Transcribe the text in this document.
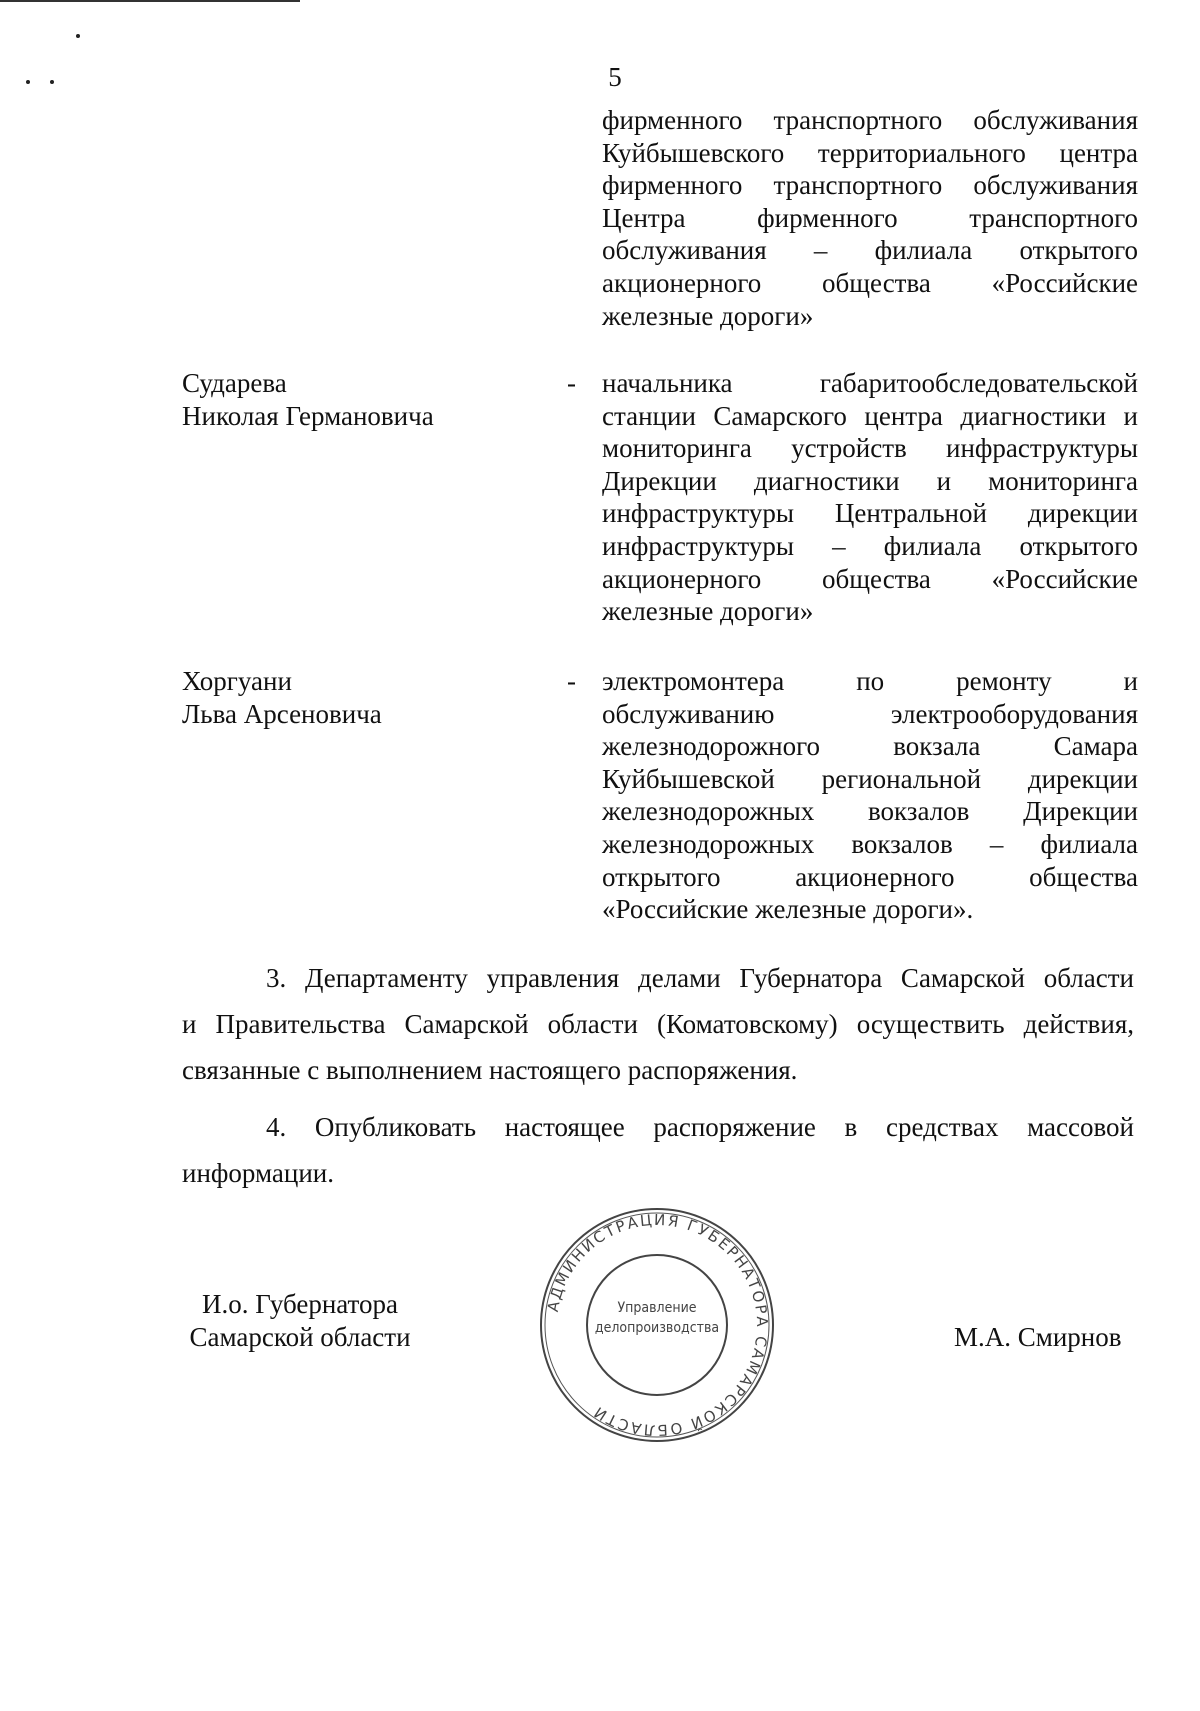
5
фирменного транспортного обслуживания
Куйбышевского территориального центра
фирменного транспортного обслуживания
Центра фирменного транспортного
обслуживания – филиала открытого
акционерного общества «Российские
железные дороги»
Сударева
Николая Германовича
- начальника габаритообследовательской
станции Самарского центра диагностики и
мониторинга устройств инфраструктуры
Дирекции диагностики и мониторинга
инфраструктуры Центральной дирекции
инфраструктуры – филиала открытого
акционерного общества «Российские
железные дороги»
Хоргуани
Льва Арсеновича
- электромонтера по ремонту и
обслуживанию электрооборудования
железнодорожного вокзала Самара
Куйбышевской региональной дирекции
железнодорожных вокзалов Дирекции
железнодорожных вокзалов – филиала
открытого акционерного общества
«Российские железные дороги».
3. Департаменту управления делами Губернатора Самарской области
и Правительства Самарской области (Коматовскому) осуществить действия,
связанные с выполнением настоящего распоряжения.
4. Опубликовать настоящее распоряжение в средствах массовой
информации.
И.о. Губернатора
Самарской области	М.А. Смирнов
АДМИНИСТРАЦИЯ ГУБЕРНАТОРА САМАРСКОЙ ОБЛАСТИ
Управление делопроизводства
